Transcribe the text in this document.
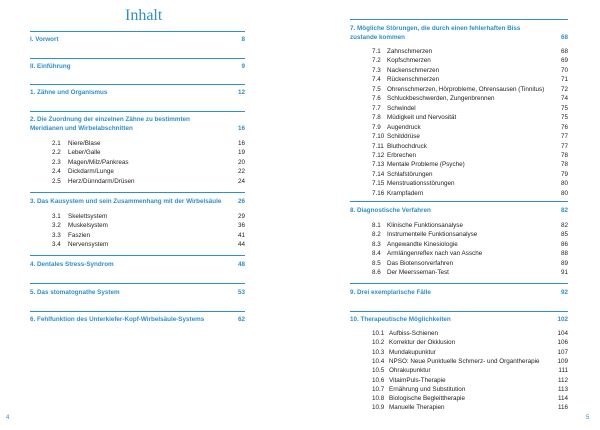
Inhalt
I. Vorwort	8
II. Einführung	9
1. Zähne und Organismus	12
2. Die Zuordnung der einzelnen Zähne zu bestimmten
Meridianen und Wirbelabschnitten	16
2.1 Niere/Blase	16
2.2 Leber/Galle	19
2.3 Magen/Milz/Pankreas	20
2.4 Dickdarm/Lunge	22
2.5 Herz/Dünndarm/Drüsen	24
3. Das Kausystem und sein Zusammenhang mit der Wirbelsäule	26
3.1 Skelettsystem	29
3.2 Muskelsystem	36
3.3 Faszien	41
3.4 Nervensystem	44
4. Dentales Stress-Syndrom	48
5. Das stomatognathe System	53
6. Fehlfunktion des Unterkiefer-Kopf-Wirbelsäule-Systems	62
4
7. Mögliche Störungen, die durch einen fehlerhaften Biss
zustande kommen	68
7.1 Zahnschmerzen	68
7.2 Kopfschmerzen	69
7.3 Nackenschmerzen	70
7.4 Rückenschmerzen	71
7.5 Ohrenschmerzen, Hörprobleme, Ohrensausen (Tinnitus)	72
7.6 Schluckbeschwerden, Zungenbrennen	74
7.7 Schwindel	75
7.8 Müdigkeit und Nervosität	75
7.9 Augendruck	76
7.10 Schilddrüse	77
7.11 Bluthochdruck	77
7.12 Erbrechen	78
7.13 Mentale Probleme (Psyche)	78
7.14 Schlafstörungen	79
7.15 Menstruationsstörungen	80
7.16 Krampfadern	80
8. Diagnostische Verfahren	82
8.1 Klinische Funktionsanalyse	82
8.2 Instrumentelle Funktionsanalyse	85
8.3 Angewandte Kinesiologie	86
8.4 Armlängenreflex nach van Assche	88
8.5 Das Biotensorverfahren	89
8.6 Der Meersseman-Test	91
9. Drei exemplarische Fälle	92
10. Therapeutische Möglichkeiten	102
10.1 Aufbiss-Schienen	104
10.2 Korrektur der Okklusion	106
10.3 Mundakupunktur	107
10.4 NPSO: Neue Punktuelle Schmerz- und Organtherapie	109
10.5 Ohrakupunktur	111
10.6 VitaimPuls-Therapie	112
10.7 Ernährung und Substitution	113
10.8 Biologische Begleittherapie	114
10.9 Manuelle Therapien	116
5
